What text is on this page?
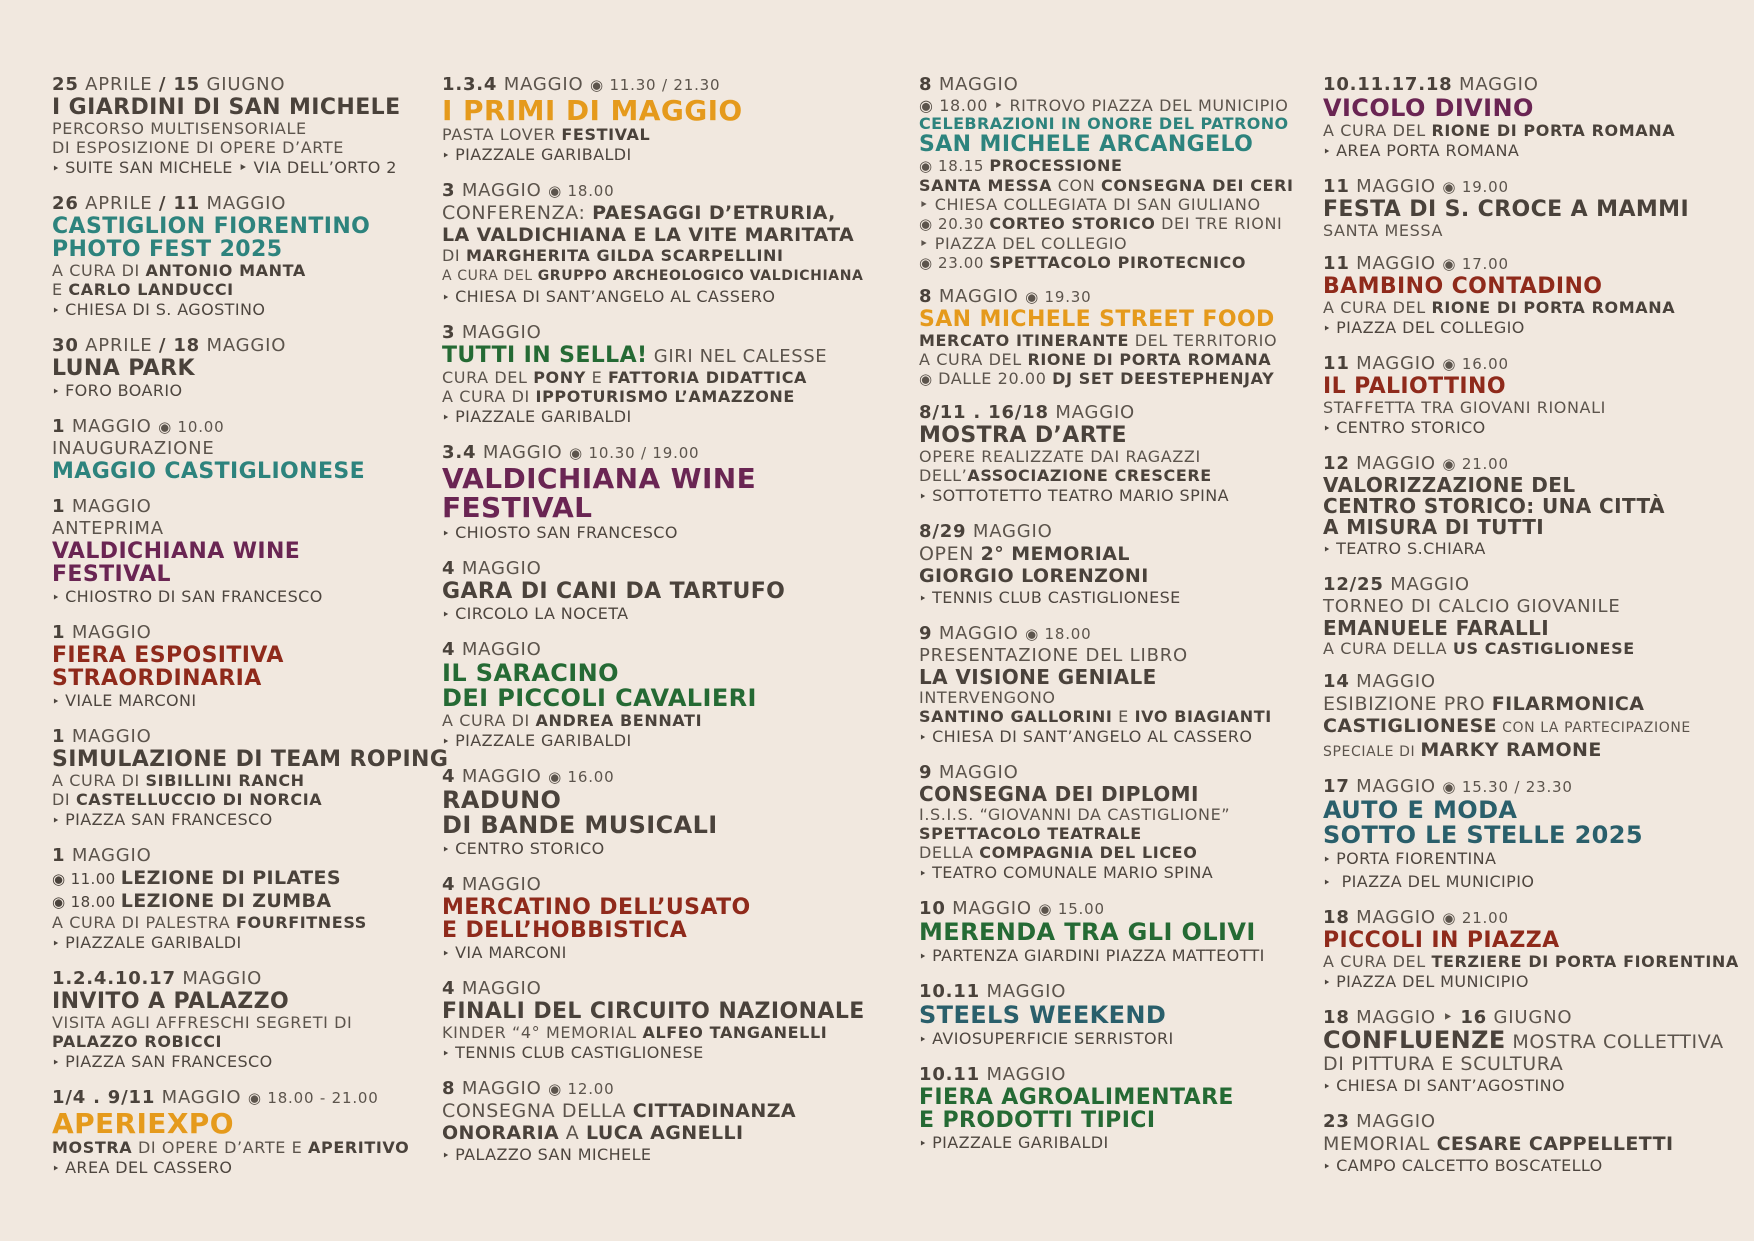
25 APRILE / 15 GIUGNO
I GIARDINI DI SAN MICHELE
PERCORSO MULTISENSORIALE
DI ESPOSIZIONE DI OPERE D’ARTE
‣ SUITE SAN MICHELE ‣ VIA DELL’ORTO 2
26 APRILE / 11 MAGGIO
CASTIGLION FIORENTINO
PHOTO FEST 2025
A CURA DI ANTONIO MANTA
E CARLO LANDUCCI
‣ CHIESA DI S. AGOSTINO
30 APRILE / 18 MAGGIO
LUNA PARK
‣ FORO BOARIO
1 MAGGIO ◉ 10.00
INAUGURAZIONE
MAGGIO CASTIGLIONESE
1 MAGGIO
ANTEPRIMA
VALDICHIANA WINE
FESTIVAL
‣ CHIOSTRO DI SAN FRANCESCO
1 MAGGIO
FIERA ESPOSITIVA
STRAORDINARIA
‣ VIALE MARCONI
1 MAGGIO
SIMULAZIONE DI TEAM ROPING
A CURA DI SIBILLINI RANCH
DI CASTELLUCCIO DI NORCIA
‣ PIAZZA SAN FRANCESCO
1 MAGGIO
◉ 11.00 LEZIONE DI PILATES
◉ 18.00 LEZIONE DI ZUMBA
A CURA DI PALESTRA FOURFITNESS
‣ PIAZZALE GARIBALDI
1.2.4.10.17 MAGGIO
INVITO A PALAZZO
VISITA AGLI AFFRESCHI SEGRETI DI
PALAZZO ROBICCI
‣ PIAZZA SAN FRANCESCO
1/4 . 9/11 MAGGIO ◉ 18.00 - 21.00
APERIEXPO
MOSTRA DI OPERE D’ARTE E APERITIVO
‣ AREA DEL CASSERO
1.3.4 MAGGIO ◉ 11.30 / 21.30
I PRIMI DI MAGGIO
PASTA LOVER FESTIVAL
‣ PIAZZALE GARIBALDI
3 MAGGIO ◉ 18.00
CONFERENZA: PAESAGGI D’ETRURIA,
LA VALDICHIANA E LA VITE MARITATA
DI MARGHERITA GILDA SCARPELLINI
A CURA DEL GRUPPO ARCHEOLOGICO VALDICHIANA
‣ CHIESA DI SANT’ANGELO AL CASSERO
3 MAGGIO
TUTTI IN SELLA! GIRI NEL CALESSE
CURA DEL PONY E FATTORIA DIDATTICA
A CURA DI IPPOTURISMO L’AMAZZONE
‣ PIAZZALE GARIBALDI
3.4 MAGGIO ◉ 10.30 / 19.00
VALDICHIANA WINE
FESTIVAL
‣ CHIOSTO SAN FRANCESCO
4 MAGGIO
GARA DI CANI DA TARTUFO
‣ CIRCOLO LA NOCETA
4 MAGGIO
IL SARACINO
DEI PICCOLI CAVALIERI
A CURA DI ANDREA BENNATI
‣ PIAZZALE GARIBALDI
4 MAGGIO ◉ 16.00
RADUNO
DI BANDE MUSICALI
‣ CENTRO STORICO
4 MAGGIO
MERCATINO DELL’USATO
E DELL’HOBBISTICA
‣ VIA MARCONI
4 MAGGIO
FINALI DEL CIRCUITO NAZIONALE
KINDER “4° MEMORIAL ALFEO TANGANELLI
‣ TENNIS CLUB CASTIGLIONESE
8 MAGGIO ◉ 12.00
CONSEGNA DELLA CITTADINANZA
ONORARIA A LUCA AGNELLI
‣ PALAZZO SAN MICHELE
8 MAGGIO
◉ 18.00 ‣ RITROVO PIAZZA DEL MUNICIPIO
CELEBRAZIONI IN ONORE DEL PATRONO
SAN MICHELE ARCANGELO
◉ 18.15 PROCESSIONE
SANTA MESSA CON CONSEGNA DEI CERI
‣ CHIESA COLLEGIATA DI SAN GIULIANO
◉ 20.30 CORTEO STORICO DEI TRE RIONI
‣ PIAZZA DEL COLLEGIO
◉ 23.00 SPETTACOLO PIROTECNICO
8 MAGGIO ◉ 19.30
SAN MICHELE STREET FOOD
MERCATO ITINERANTE DEL TERRITORIO
A CURA DEL RIONE DI PORTA ROMANA
◉ DALLE 20.00 DJ SET DEESTEPHENJAY
8/11 . 16/18 MAGGIO
MOSTRA D’ARTE
OPERE REALIZZATE DAI RAGAZZI
DELL’ASSOCIAZIONE CRESCERE
‣ SOTTOTETTO TEATRO MARIO SPINA
8/29 MAGGIO
OPEN 2° MEMORIAL
GIORGIO LORENZONI
‣ TENNIS CLUB CASTIGLIONESE
9 MAGGIO ◉ 18.00
PRESENTAZIONE DEL LIBRO
LA VISIONE GENIALE
INTERVENGONO
SANTINO GALLORINI E IVO BIAGIANTI
‣ CHIESA DI SANT’ANGELO AL CASSERO
9 MAGGIO
CONSEGNA DEI DIPLOMI
I.S.I.S. “GIOVANNI DA CASTIGLIONE”
SPETTACOLO TEATRALE
DELLA COMPAGNIA DEL LICEO
‣ TEATRO COMUNALE MARIO SPINA
10 MAGGIO ◉ 15.00
MERENDA TRA GLI OLIVI
‣ PARTENZA GIARDINI PIAZZA MATTEOTTI
10.11 MAGGIO
STEELS WEEKEND
‣ AVIOSUPERFICIE SERRISTORI
10.11 MAGGIO
FIERA AGROALIMENTARE
E PRODOTTI TIPICI
‣ PIAZZALE GARIBALDI
10.11.17.18 MAGGIO
VICOLO DIVINO
A CURA DEL RIONE DI PORTA ROMANA
‣ AREA PORTA ROMANA
11 MAGGIO ◉ 19.00
FESTA DI S. CROCE A MAMMI
SANTA MESSA
11 MAGGIO ◉ 17.00
BAMBINO CONTADINO
A CURA DEL RIONE DI PORTA ROMANA
‣ PIAZZA DEL COLLEGIO
11 MAGGIO ◉ 16.00
IL PALIOTTINO
STAFFETTA TRA GIOVANI RIONALI
‣ CENTRO STORICO
12 MAGGIO ◉ 21.00
VALORIZZAZIONE DEL
CENTRO STORICO: UNA CITTÀ
A MISURA DI TUTTI
‣ TEATRO S.CHIARA
12/25 MAGGIO
TORNEO DI CALCIO GIOVANILE
EMANUELE FARALLI
A CURA DELLA US CASTIGLIONESE
14 MAGGIO
ESIBIZIONE PRO FILARMONICA
CASTIGLIONESE CON LA PARTECIPAZIONE
SPECIALE DI MARKY RAMONE
17 MAGGIO ◉ 15.30 / 23.30
AUTO E MODA
SOTTO LE STELLE 2025
‣ PORTA FIORENTINA
‣ PIAZZA DEL MUNICIPIO
18 MAGGIO ◉ 21.00
PICCOLI IN PIAZZA
A CURA DEL TERZIERE DI PORTA FIORENTINA
‣ PIAZZA DEL MUNICIPIO
18 MAGGIO ‣ 16 GIUGNO
CONFLUENZE MOSTRA COLLETTIVA
DI PITTURA E SCULTURA
‣ CHIESA DI SANT’AGOSTINO
23 MAGGIO
MEMORIAL CESARE CAPPELLETTI
‣ CAMPO CALCETTO BOSCATELLO
